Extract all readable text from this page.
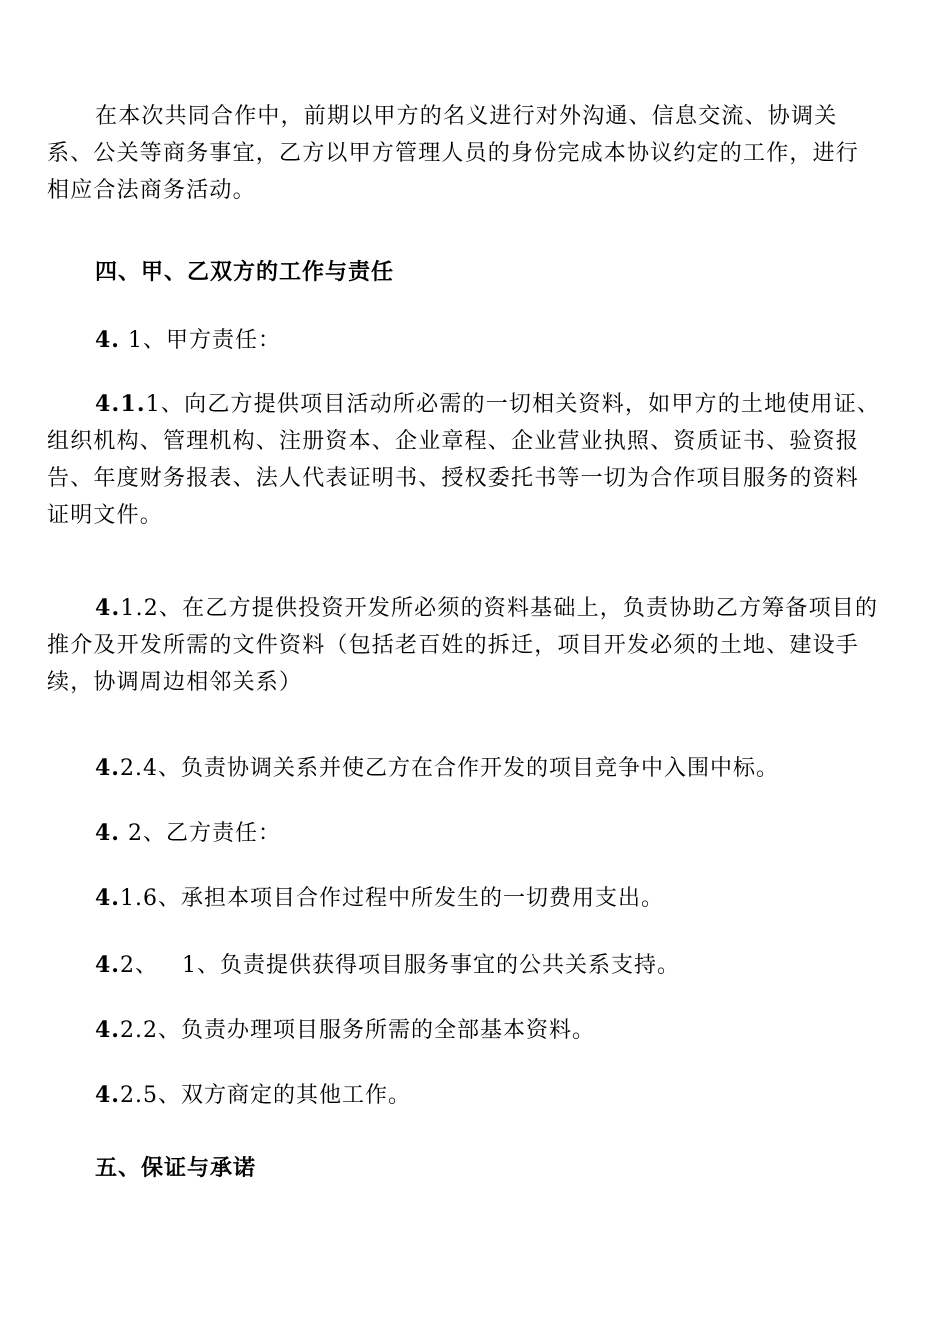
在本次共同合作中，前期以甲方的名义进行对外沟通、信息交流、协调关
系、公关等商务事宜，乙方以甲方管理人员的身份完成本协议约定的工作，进行
相应合法商务活动。
四、甲、乙双方的工作与责任
4. 1、甲方责任：
4.1.1、向乙方提供项目活动所必需的一切相关资料，如甲方的土地使用证、
组织机构、管理机构、注册资本、企业章程、企业营业执照、资质证书、验资报
告、年度财务报表、法人代表证明书、授权委托书等一切为合作项目服务的资料
证明文件。
4.1.2、在乙方提供投资开发所必须的资料基础上，负责协助乙方筹备项目的
推介及开发所需的文件资料（包括老百姓的拆迁，项目开发必须的土地、建设手
续，协调周边相邻关系）
4.2.4、负责协调关系并使乙方在合作开发的项目竞争中入围中标。
4. 2、乙方责任：
4.1.6、承担本项目合作过程中所发生的一切费用支出。
4.2、   1、负责提供获得项目服务事宜的公共关系支持。
4.2.2、负责办理项目服务所需的全部基本资料。
4.2.5、双方商定的其他工作。
五、保证与承诺
